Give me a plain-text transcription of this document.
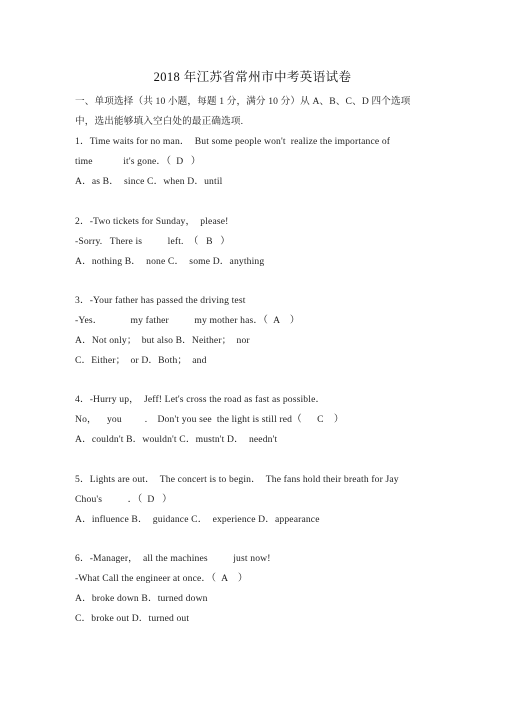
2018 年江苏省常州市中考英语试卷
一、单项选择（共 10 小题，每题 1 分，满分 10 分）从 A、B、C、D 四个选项
中，选出能够填入空白处的最正确选项.
1．Time waits for no man．  But some people won't  realize the importance of
time            it's gone．（  D   ）
A．as B．  since C．when D．until
2．-Two tickets for Sunday，  please!
-Sorry.   There is          left.  （   B   ）
A．nothing B．  none C．  some D．anything
3．-Your father has passed the driving test
-Yes．           my father          my mother has．（  A    ）
A．Not only；  but also B．Neither；  nor
C．Either；  or D．Both；  and
4．-Hurry up，  Jeff! Let's cross the road as fast as possible．
No，    you         .    Don't you see  the light is still red（      C    ）
A．couldn't B．wouldn't C．mustn't D．  needn't
5．Lights are out．  The concert is to begin．  The fans hold their breath for Jay
Chou's          ．（  D   ）
A．influence B．  guidance C．  experience D．appearance
6．-Manager，  all the machines          just now!
-What Call the engineer at once．（  A    ）
A．broke down B．turned down
C．broke out D．turned out
